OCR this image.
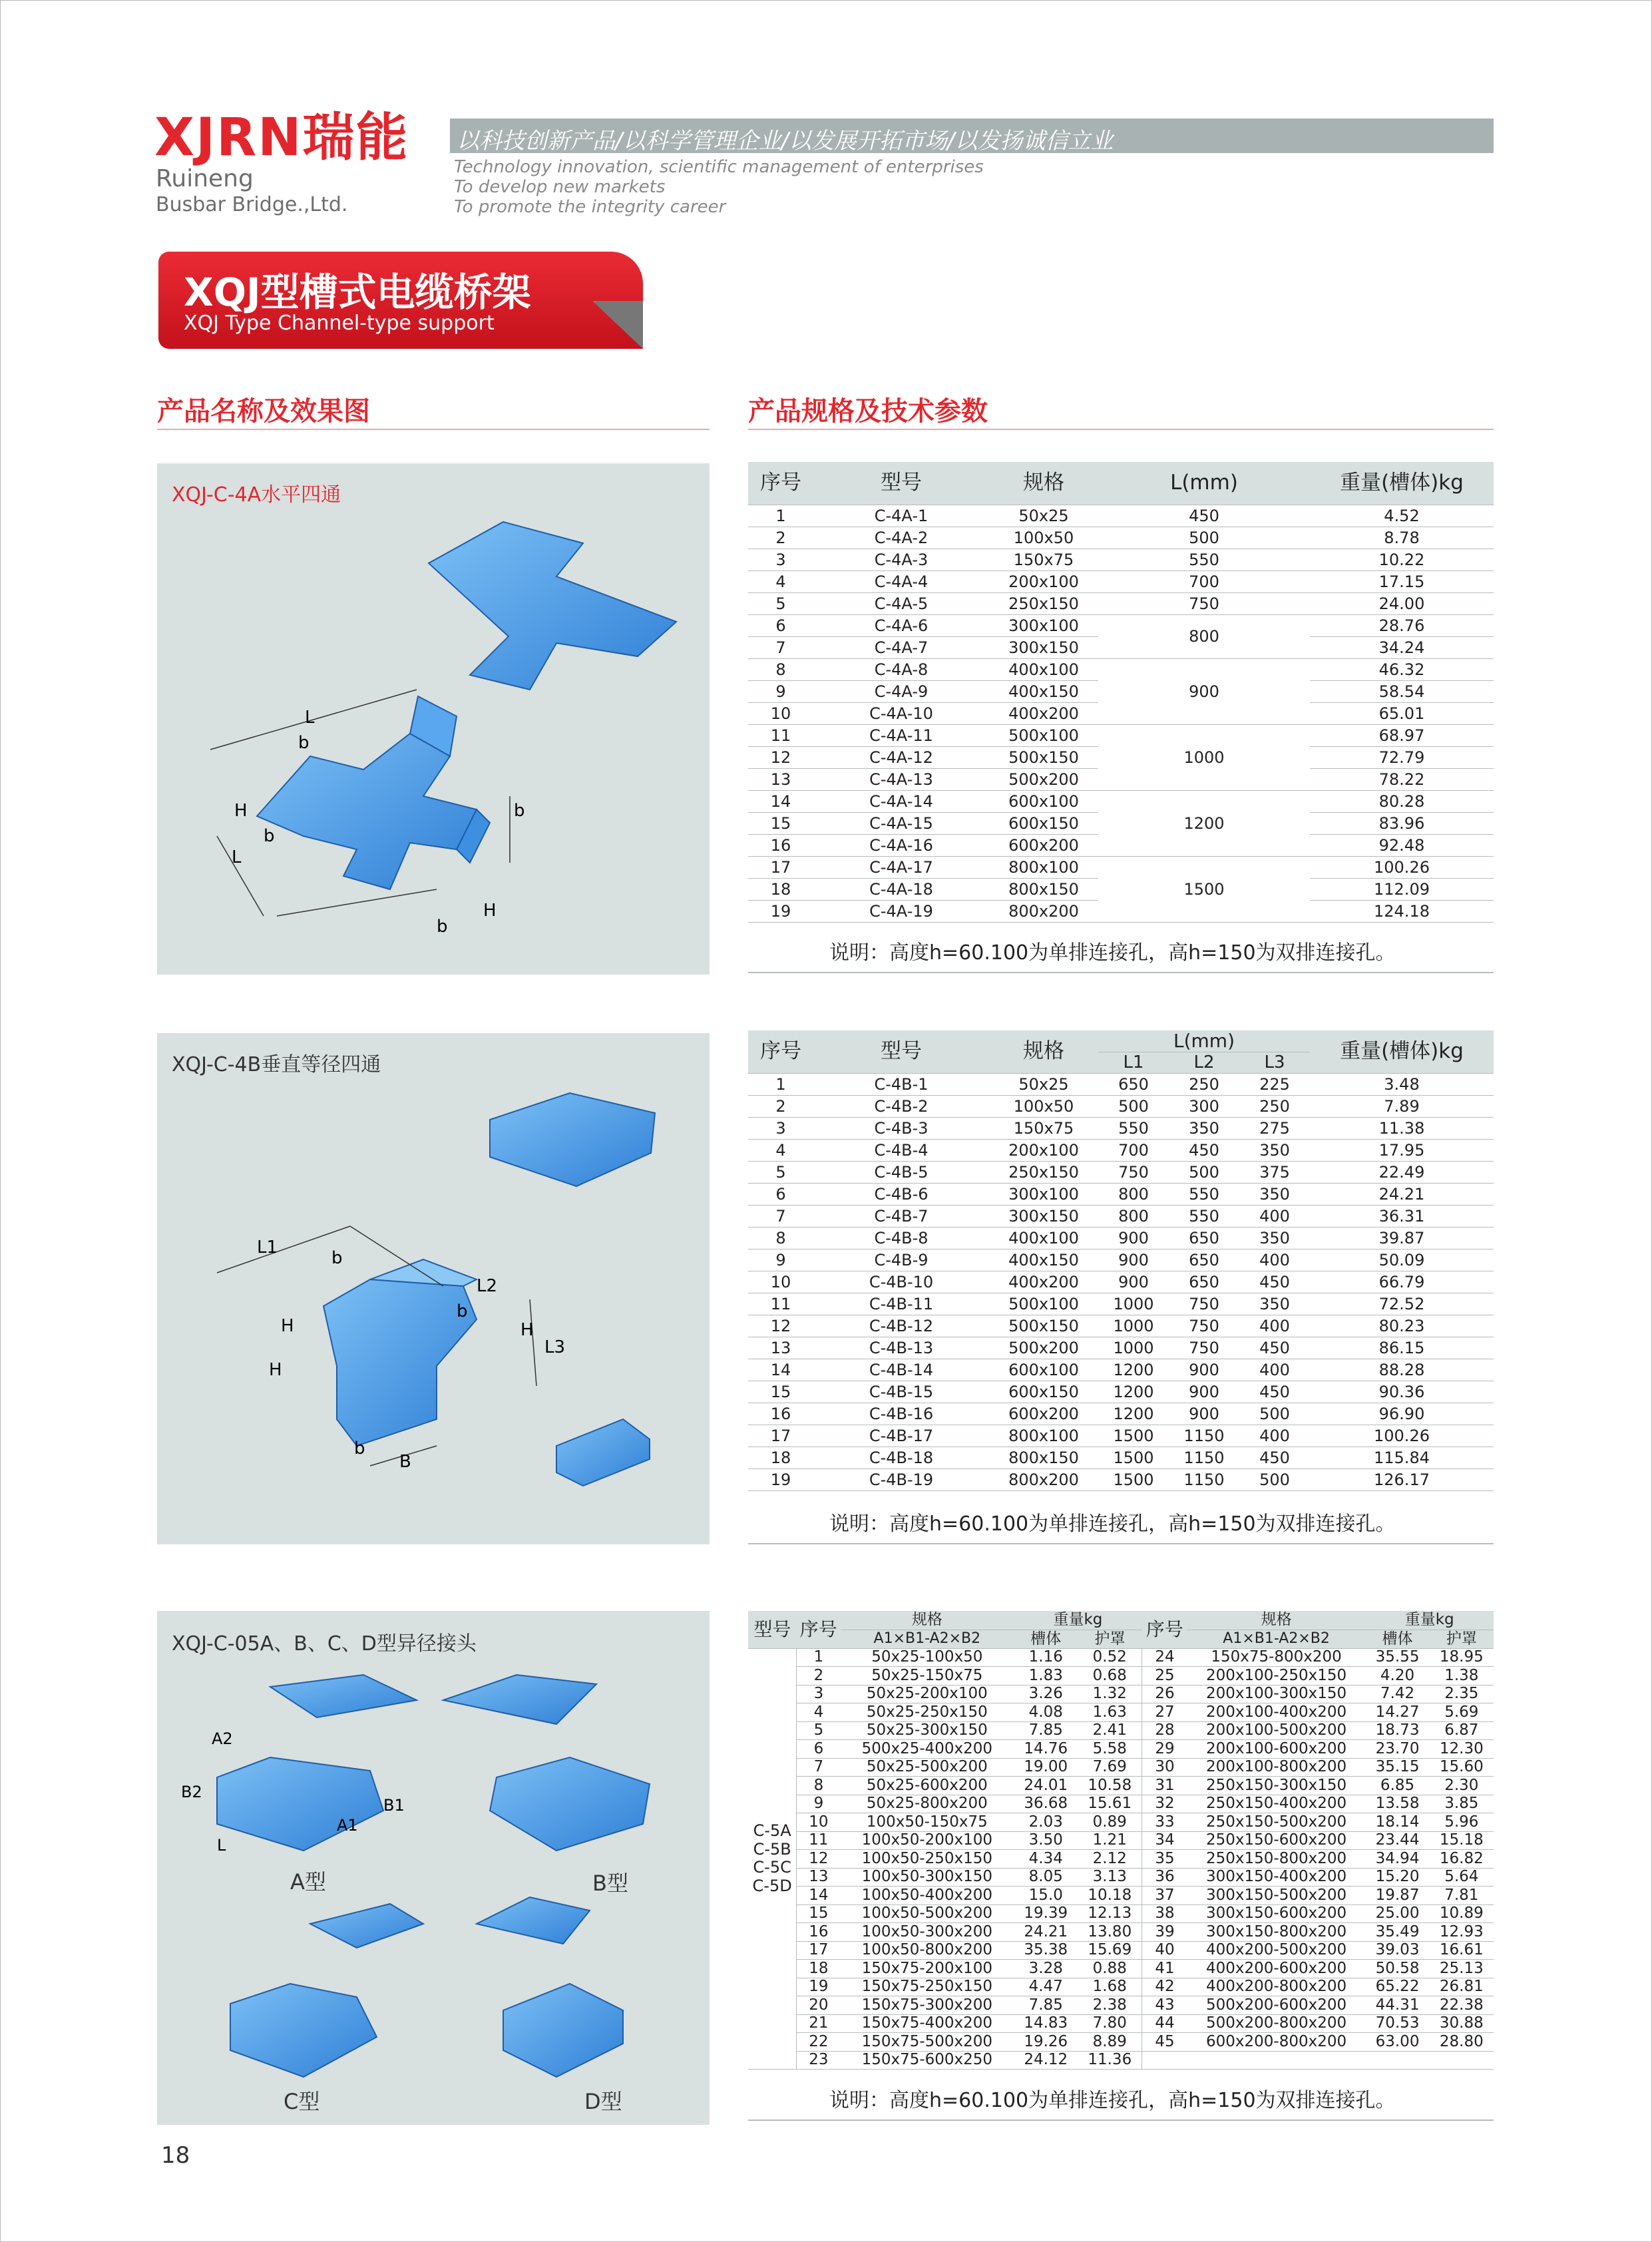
XJRN瑞能
Ruineng
Busbar Bridge.,Ltd.
以科技创新产品/以科学管理企业/以发展开拓市场/以发扬诚信立业
Technology innovation, scientific management of enterprises
To develop new markets
To promote the integrity career
XQJ型槽式电缆桥架
XQJ Type Channel-type support
产品名称及效果图	产品规格及技术参数
XQJ-C-4A水平四通
L
b
H
L
b
b
H
b
XQJ-C-4B垂直等径四通
L1
b
L2
b
H
L3
H
H
b
B
XQJ-C-05A、B、C、D型异径接头
A2
B2
L
A1
B1
A型	B型
C型	D型
序号	型号	规格	L(mm)	重量(槽体)kg
1	C-4A-1	50x25	450	4.52
2	C-4A-2	100x50	500	8.78
3	C-4A-3	150x75	550	10.22
4	C-4A-4	200x100	700	17.15
5	C-4A-5	250x150	750	24.00
6	C-4A-6	300x100	800	28.76
7	C-4A-7	300x150		34.24
8	C-4A-8	400x100	900	46.32
9	C-4A-9	400x150		58.54
10	C-4A-10	400x200		65.01
11	C-4A-11	500x100	1000	68.97
12	C-4A-12	500x150		72.79
13	C-4A-13	500x200		78.22
14	C-4A-14	600x100	1200	80.28
15	C-4A-15	600x150		83.96
16	C-4A-16	600x200		92.48
17	C-4A-17	800x100	1500	100.26
18	C-4A-18	800x150		112.09
19	C-4A-19	800x200		124.18
说明：高度h=60.100为单排连接孔，高h=150为双排连接孔。
序号	型号	规格	L(mm)			重量(槽体)kg
			L1	L2	L3	
1	C-4B-1	50x25	650	250	225	3.48
2	C-4B-2	100x50	500	300	250	7.89
3	C-4B-3	150x75	550	350	275	11.38
4	C-4B-4	200x100	700	450	350	17.95
5	C-4B-5	250x150	750	500	375	22.49
6	C-4B-6	300x100	800	550	350	24.21
7	C-4B-7	300x150	800	550	400	36.31
8	C-4B-8	400x100	900	650	350	39.87
9	C-4B-9	400x150	900	650	400	50.09
10	C-4B-10	400x200	900	650	450	66.79
11	C-4B-11	500x100	1000	750	350	72.52
12	C-4B-12	500x150	1000	750	400	80.23
13	C-4B-13	500x200	1000	750	450	86.15
14	C-4B-14	600x100	1200	900	400	88.28
15	C-4B-15	600x150	1200	900	450	90.36
16	C-4B-16	600x200	1200	900	500	96.90
17	C-4B-17	800x100	1500	1150	400	100.26
18	C-4B-18	800x150	1500	1150	450	115.84
19	C-4B-19	800x200	1500	1150	500	126.17
说明：高度h=60.100为单排连接孔，高h=150为双排连接孔。
型号	序号	规格	重量kg		序号	规格	重量kg	
		A1×B1-A2×B2	槽体	护罩		A1×B1-A2×B2	槽体	护罩

C-5A
C-5B
C-5C
C-5D	1	50x25-100x50	1.16	0.52	24	150x75-800x200	35.55	18.95
	2	50x25-150x75	1.83	0.68	25	200x100-250x150	4.20	1.38
	3	50x25-200x100	3.26	1.32	26	200x100-300x150	7.42	2.35
	4	50x25-250x150	4.08	1.63	27	200x100-400x200	14.27	5.69
	5	50x25-300x150	7.85	2.41	28	200x100-500x200	18.73	6.87
	6	500x25-400x200	14.76	5.58	29	200x100-600x200	23.70	12.30
	7	50x25-500x200	19.00	7.69	30	200x100-800x200	35.15	15.60
	8	50x25-600x200	24.01	10.58	31	250x150-300x150	6.85	2.30
	9	50x25-800x200	36.68	15.61	32	250x150-400x200	13.58	3.85
	10	100x50-150x75	2.03	0.89	33	250x150-500x200	18.14	5.96
	11	100x50-200x100	3.50	1.21	34	250x150-600x200	23.44	15.18
	12	100x50-250x150	4.34	2.12	35	250x150-800x200	34.94	16.82
	13	100x50-300x150	8.05	3.13	36	300x150-400x200	15.20	5.64
	14	100x50-400x200	15.0	10.18	37	300x150-500x200	19.87	7.81
	15	100x50-500x200	19.39	12.13	38	300x150-600x200	25.00	10.89
	16	100x50-300x200	24.21	13.80	39	300x150-800x200	35.49	12.93
	17	100x50-800x200	35.38	15.69	40	400x200-500x200	39.03	16.61
	18	150x75-200x100	3.28	0.88	41	400x200-600x200	50.58	25.13
	19	150x75-250x150	4.47	1.68	42	400x200-800x200	65.22	26.81
	20	150x75-300x200	7.85	2.38	43	500x200-600x200	44.31	22.38
	21	150x75-400x200	14.83	7.80	44	500x200-800x200	70.53	30.88
	22	150x75-500x200	19.26	8.89	45	600x200-800x200	63.00	28.80
	23	150x75-600x250	24.12	11.36				
说明：高度h=60.100为单排连接孔，高h=150为双排连接孔。
18
